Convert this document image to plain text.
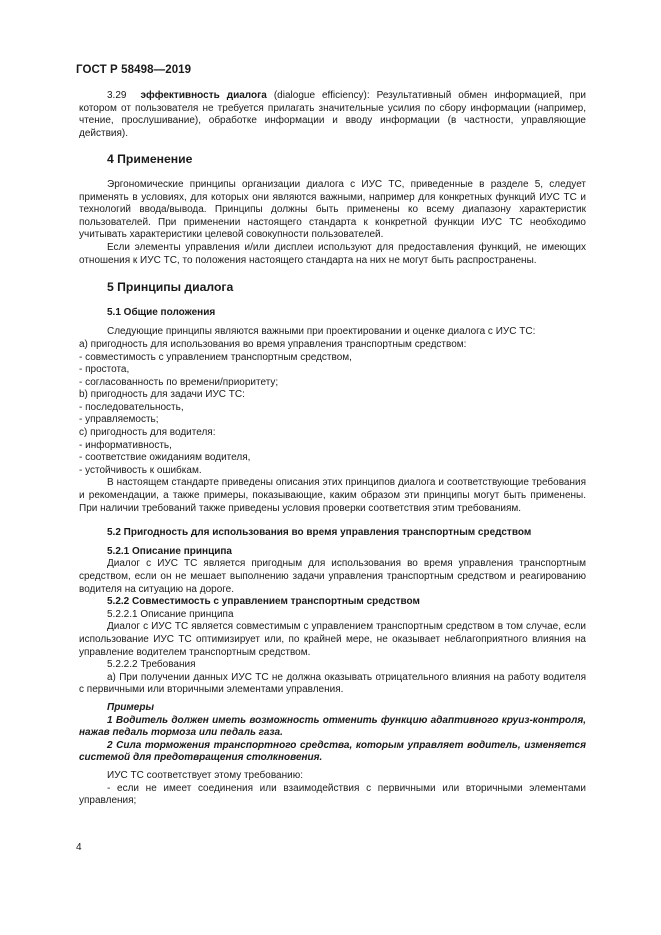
ГОСТ Р 58498—2019

3.29 эффективность диалога (dialogue efficiency): Результативный обмен информацией, при котором от пользователя не требуется прилагать значительные усилия по сбору информации (например, чтение, прослушивание), обработке информации и вводу информации (в частности, управляющие действия).

4 Применение

Эргономические принципы организации диалога с ИУС ТС, приведенные в разделе 5, следует применять в условиях, для которых они являются важными, например для конкретных функций ИУС ТС и технологий ввода/вывода. Принципы должны быть применены ко всему диапазону характеристик пользователей. При применении настоящего стандарта к конкретной функции ИУС ТС необходимо учитывать характеристики целевой совокупности пользователей.

Если элементы управления и/или дисплеи используют для предоставления функций, не имеющих отношения к ИУС ТС, то положения настоящего стандарта на них не могут быть распространены.

5 Принципы диалога
5.1 Общие положения

Следующие принципы являются важными при проектировании и оценке диалога с ИУС ТС:

а) пригодность для использования во время управления транспортным средством:

- совместимость с управлением транспортным средством,

- простота,

- согласованность по времени/приоритету;

b) пригодность для задачи ИУС ТС:

- последовательность,

- управляемость;

c) пригодность для водителя:

- информативность,

- соответствие ожиданиям водителя,

- устойчивость к ошибкам.

В настоящем стандарте приведены описания этих принципов диалога и соответствующие требования и рекомендации, а также примеры, показывающие, каким образом эти принципы могут быть применены. При наличии требований также приведены условия проверки соответствия этим требованиям.

5.2 Пригодность для использования во время управления транспортным средством
5.2.1 Описание принципа

Диалог с ИУС ТС является пригодным для использования во время управления транспортным средством, если он не мешает выполнению задачи управления транспортным средством и реагированию водителя на ситуацию на дороге.

5.2.2 Совместимость с управлением транспортным средством
5.2.2.1 Описание принципа

Диалог с ИУС ТС является совместимым с управлением транспортным средством в том случае, если использование ИУС ТС оптимизирует или, по крайней мере, не оказывает неблагоприятного влияния на управление водителем транспортным средством.

5.2.2.2 Требования

а) При получении данных ИУС ТС не должна оказывать отрицательного влияния на работу водителя с первичными или вторичными элементами управления.

Примеры

1 Водитель должен иметь возможность отменить функцию адаптивного круиз-контроля, нажав педаль тормоза или педаль газа.

2 Сила торможения транспортного средства, которым управляет водитель, изменяется системой для предотвращения столкновения.

ИУС ТС соответствует этому требованию:

- если не имеет соединения или взаимодействия с первичными или вторичными элементами управления;

4
